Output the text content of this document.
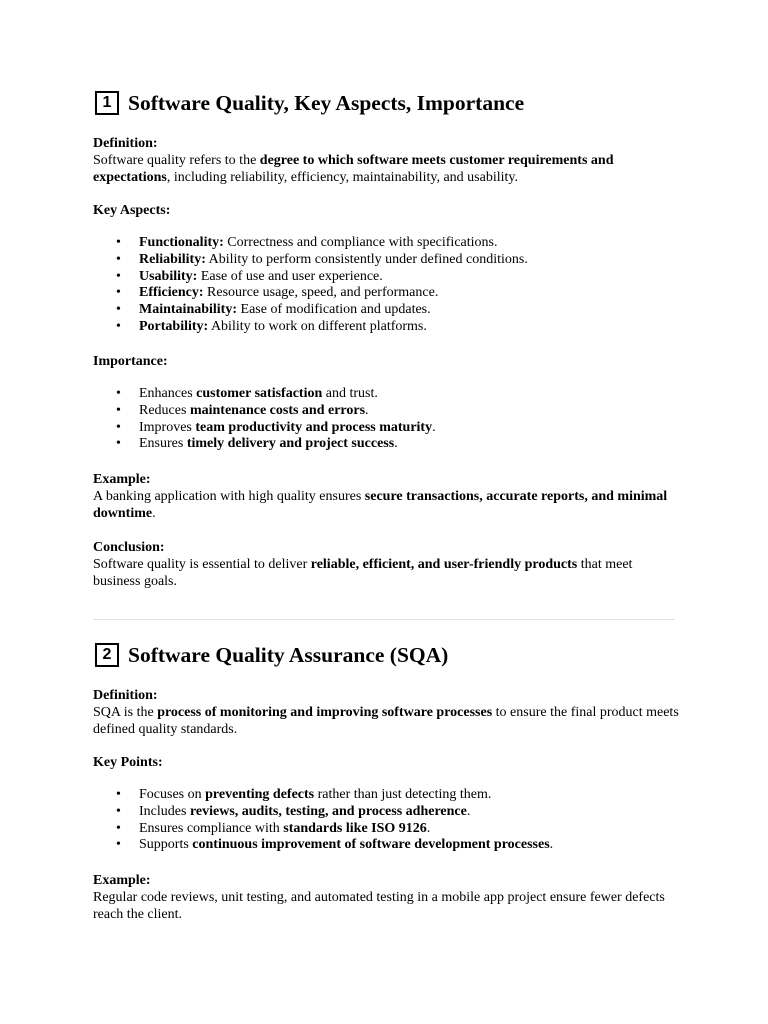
1 Software Quality, Key Aspects, Importance

Definition:

Software quality refers to the degree to which software meets customer requirements and expectations, including reliability, efficiency, maintainability, and usability.

Key Aspects:

• Functionality: Correctness and compliance with specifications.
• Reliability: Ability to perform consistently under defined conditions.
• Usability: Ease of use and user experience.
• Efficiency: Resource usage, speed, and performance.
• Maintainability: Ease of modification and updates.
• Portability: Ability to work on different platforms.

Importance:

• Enhances customer satisfaction and trust.
• Reduces maintenance costs and errors.
• Improves team productivity and process maturity.
• Ensures timely delivery and project success.

Example:

A banking application with high quality ensures secure transactions, accurate reports, and minimal downtime.

Conclusion:

Software quality is essential to deliver reliable, efficient, and user-friendly products that meet business goals.

2 Software Quality Assurance (SQA)

Definition:

SQA is the process of monitoring and improving software processes to ensure the final product meets defined quality standards.

Key Points:

• Focuses on preventing defects rather than just detecting them.
• Includes reviews, audits, testing, and process adherence.
• Ensures compliance with standards like ISO 9126.
• Supports continuous improvement of software development processes.

Example:

Regular code reviews, unit testing, and automated testing in a mobile app project ensure fewer defects reach the client.
